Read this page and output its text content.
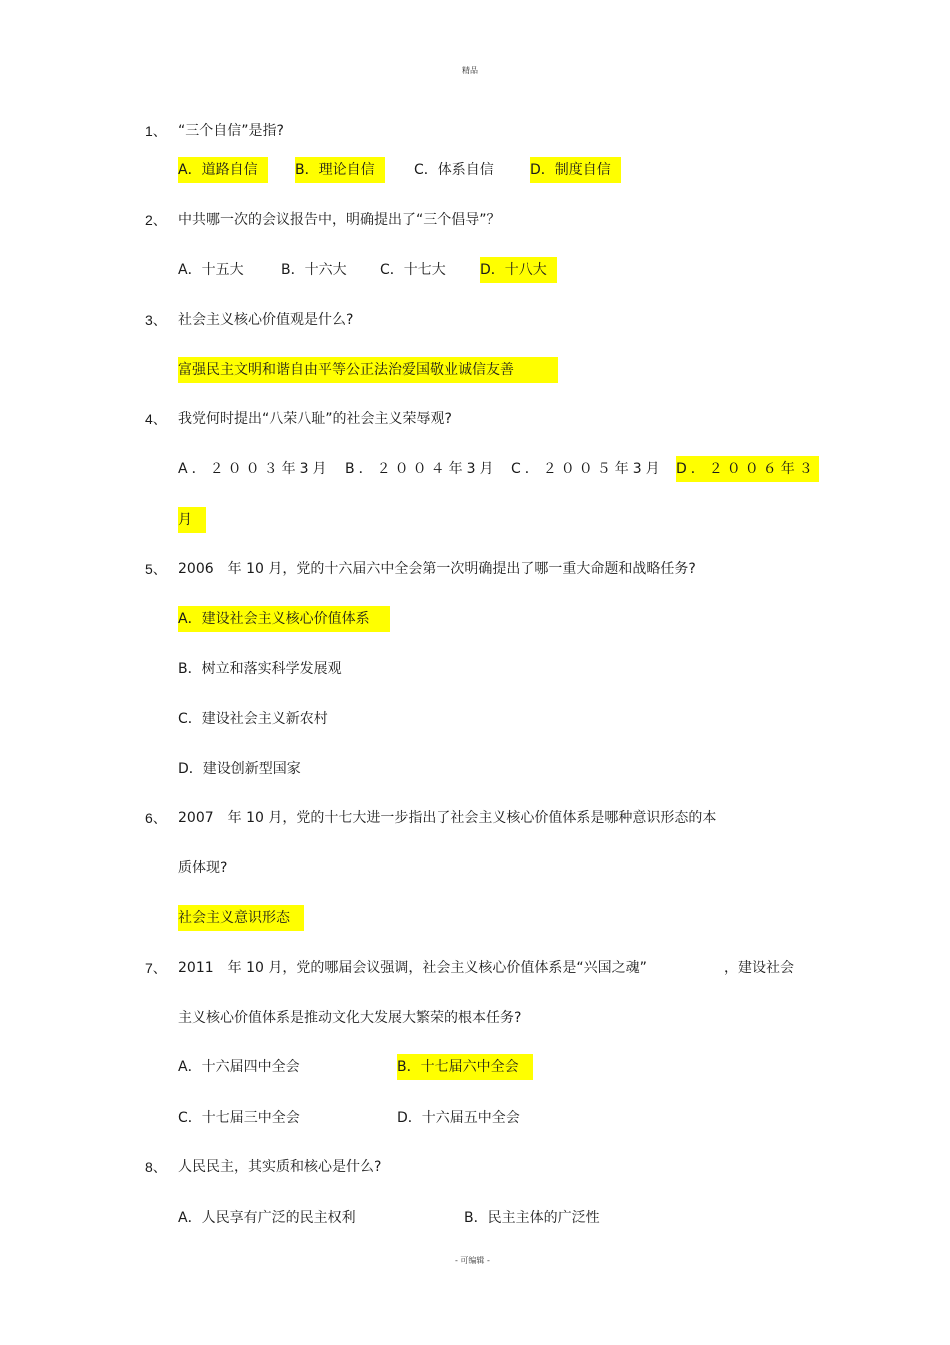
精品
1、 “三个自信”是指?
A．道路自信	B．理论自信	C．体系自信	D．制度自信
2、 中共哪一次的会议报告中，明确提出了“三个倡导”？
A．十五大	B．十六大 C．十七大 D．十八大
3、 社会主义核心价值观是什么?
富强民主文明和谐自由平等公正法治爱国敬业诚信友善
4、 我党何时提出“八荣八耻”的社会主义荣辱观?
A．２００３年3月 B．２００４年3月 C．２００５年3月 D．２００６年３
月
5、 2006　年 10 月，党的十六届六中全会第一次明确提出了哪一重大命题和战略任务?
A．建设社会主义核心价值体系
B．树立和落实科学发展观
C．建设社会主义新农村
D．建设创新型国家
6、 2007　年 10 月，党的十七大进一步指出了社会主义核心价值体系是哪种意识形态的本
质体现?
社会主义意识形态
7、 2011　年 10 月，党的哪届会议强调，社会主义核心价值体系是“兴国之魂”	，建设社会
主义核心价值体系是推动文化大发展大繁荣的根本任务?
A．十六届四中全会	B．十七届六中全会
C．十七届三中全会	D．十六届五中全会
8、 人民民主，其实质和核心是什么?
A．人民享有广泛的民主权利	B．民主主体的广泛性
- 可编辑 -
